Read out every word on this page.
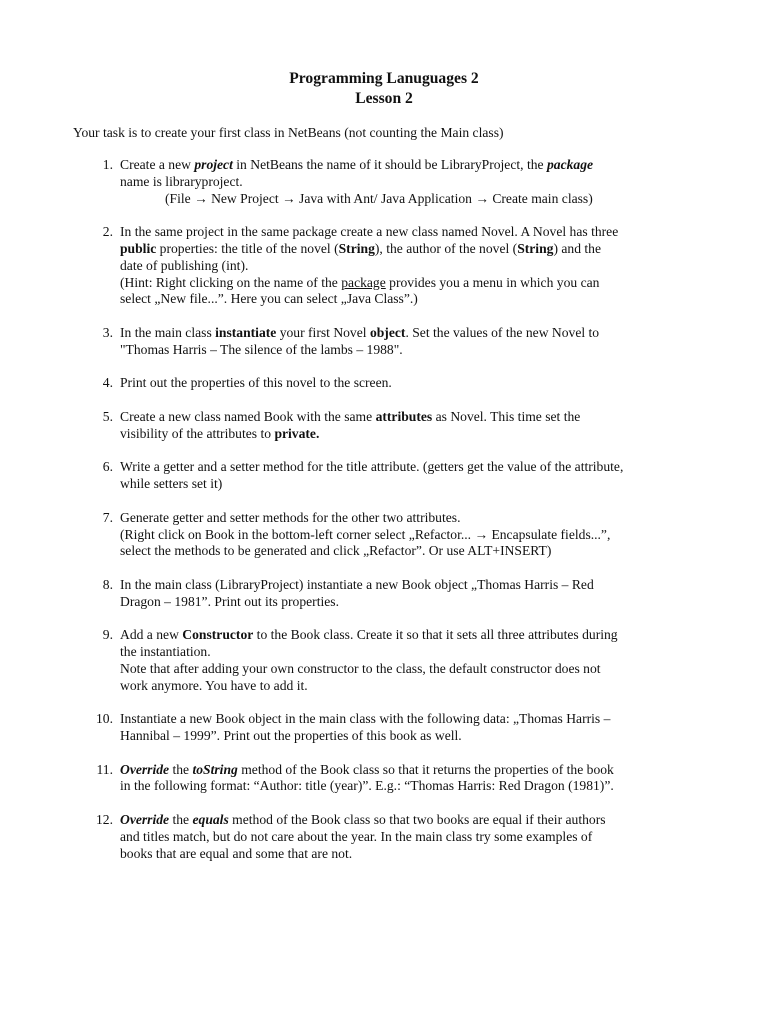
Programming Lanuguages 2
Lesson 2
Your task is to create your first class in NetBeans (not counting the Main class)
1. Create a new project in NetBeans the name of it should be LibraryProject, the package
name is libraryproject.
(File → New Project → Java with Ant/ Java Application → Create main class)
2. In the same project in the same package create a new class named Novel. A Novel has three
public properties: the title of the novel (String), the author of the novel (String) and the
date of publishing (int).
(Hint: Right clicking on the name of the package provides you a menu in which you can
select „New file...”. Here you can select „Java Class”.)
3. In the main class instantiate your first Novel object. Set the values of the new Novel to
"Thomas Harris – The silence of the lambs – 1988".
4. Print out the properties of this novel to the screen.
5. Create a new class named Book with the same attributes as Novel. This time set the
visibility of the attributes to private.
6. Write a getter and a setter method for the title attribute. (getters get the value of the attribute,
while setters set it)
7. Generate getter and setter methods for the other two attributes.
(Right click on Book in the bottom-left corner select „Refactor... → Encapsulate fields...”,
select the methods to be generated and click „Refactor”. Or use ALT+INSERT)
8. In the main class (LibraryProject) instantiate a new Book object „Thomas Harris – Red
Dragon – 1981”. Print out its properties.
9. Add a new Constructor to the Book class. Create it so that it sets all three attributes during
the instantiation.
Note that after adding your own constructor to the class, the default constructor does not
work anymore. You have to add it.
10. Instantiate a new Book object in the main class with the following data: „Thomas Harris –
Hannibal – 1999”. Print out the properties of this book as well.
11. Override the toString method of the Book class so that it returns the properties of the book
in the following format: “Author: title (year)”. E.g.: “Thomas Harris: Red Dragon (1981)”.
12. Override the equals method of the Book class so that two books are equal if their authors
and titles match, but do not care about the year. In the main class try some examples of
books that are equal and some that are not.
